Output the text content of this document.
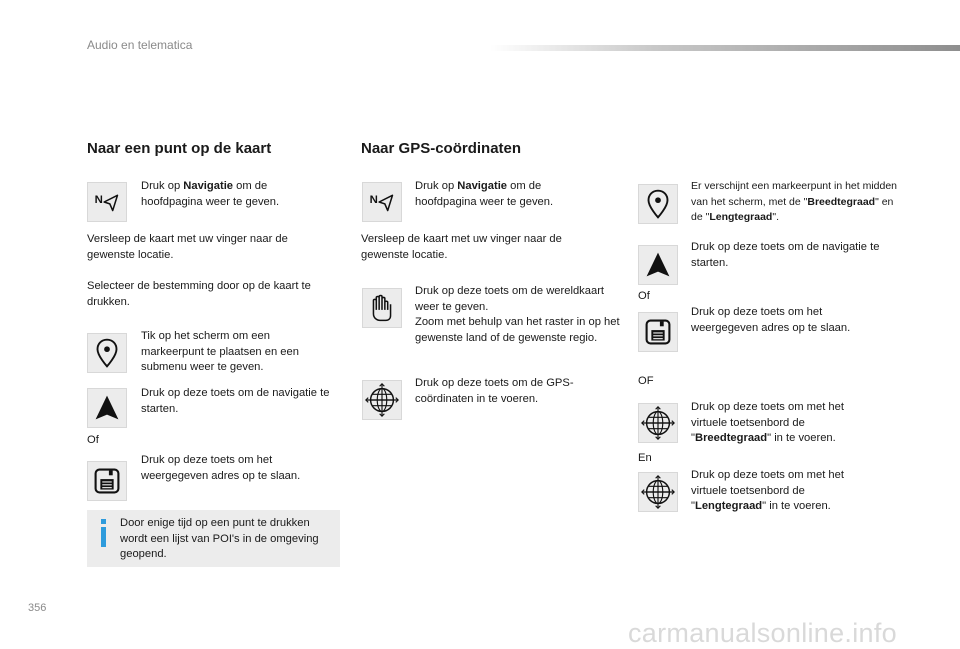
Audio en telematica
Naar een punt op de kaart
Druk op Navigatie om de hoofdpagina weer te geven.
Versleep de kaart met uw vinger naar de gewenste locatie.
Selecteer de bestemming door op de kaart te drukken.
Tik op het scherm om een markeerpunt te plaatsen en een submenu weer te geven.
Druk op deze toets om de navigatie te starten.
Of
Druk op deze toets om het weergegeven adres op te slaan.
Door enige tijd op een punt te drukken wordt een lijst van POI's in de omgeving geopend.
Naar GPS-coördinaten
Druk op Navigatie om de hoofdpagina weer te geven.
Versleep de kaart met uw vinger naar de gewenste locatie.
Druk op deze toets om de wereldkaart weer te geven.
Zoom met behulp van het raster in op het gewenste land of de gewenste regio.
Druk op deze toets om de GPS-coördinaten in te voeren.
Er verschijnt een markeerpunt in het midden van het scherm, met de "Breedtegraad" en de "Lengtegraad".
Druk op deze toets om de navigatie te starten.
Of
Druk op deze toets om het weergegeven adres op te slaan.
OF
Druk op deze toets om met het virtuele toetsenbord de "Breedtegraad" in te voeren.
En
Druk op deze toets om met het virtuele toetsenbord de "Lengtegraad" in te voeren.
356
carmanualsonline.info
